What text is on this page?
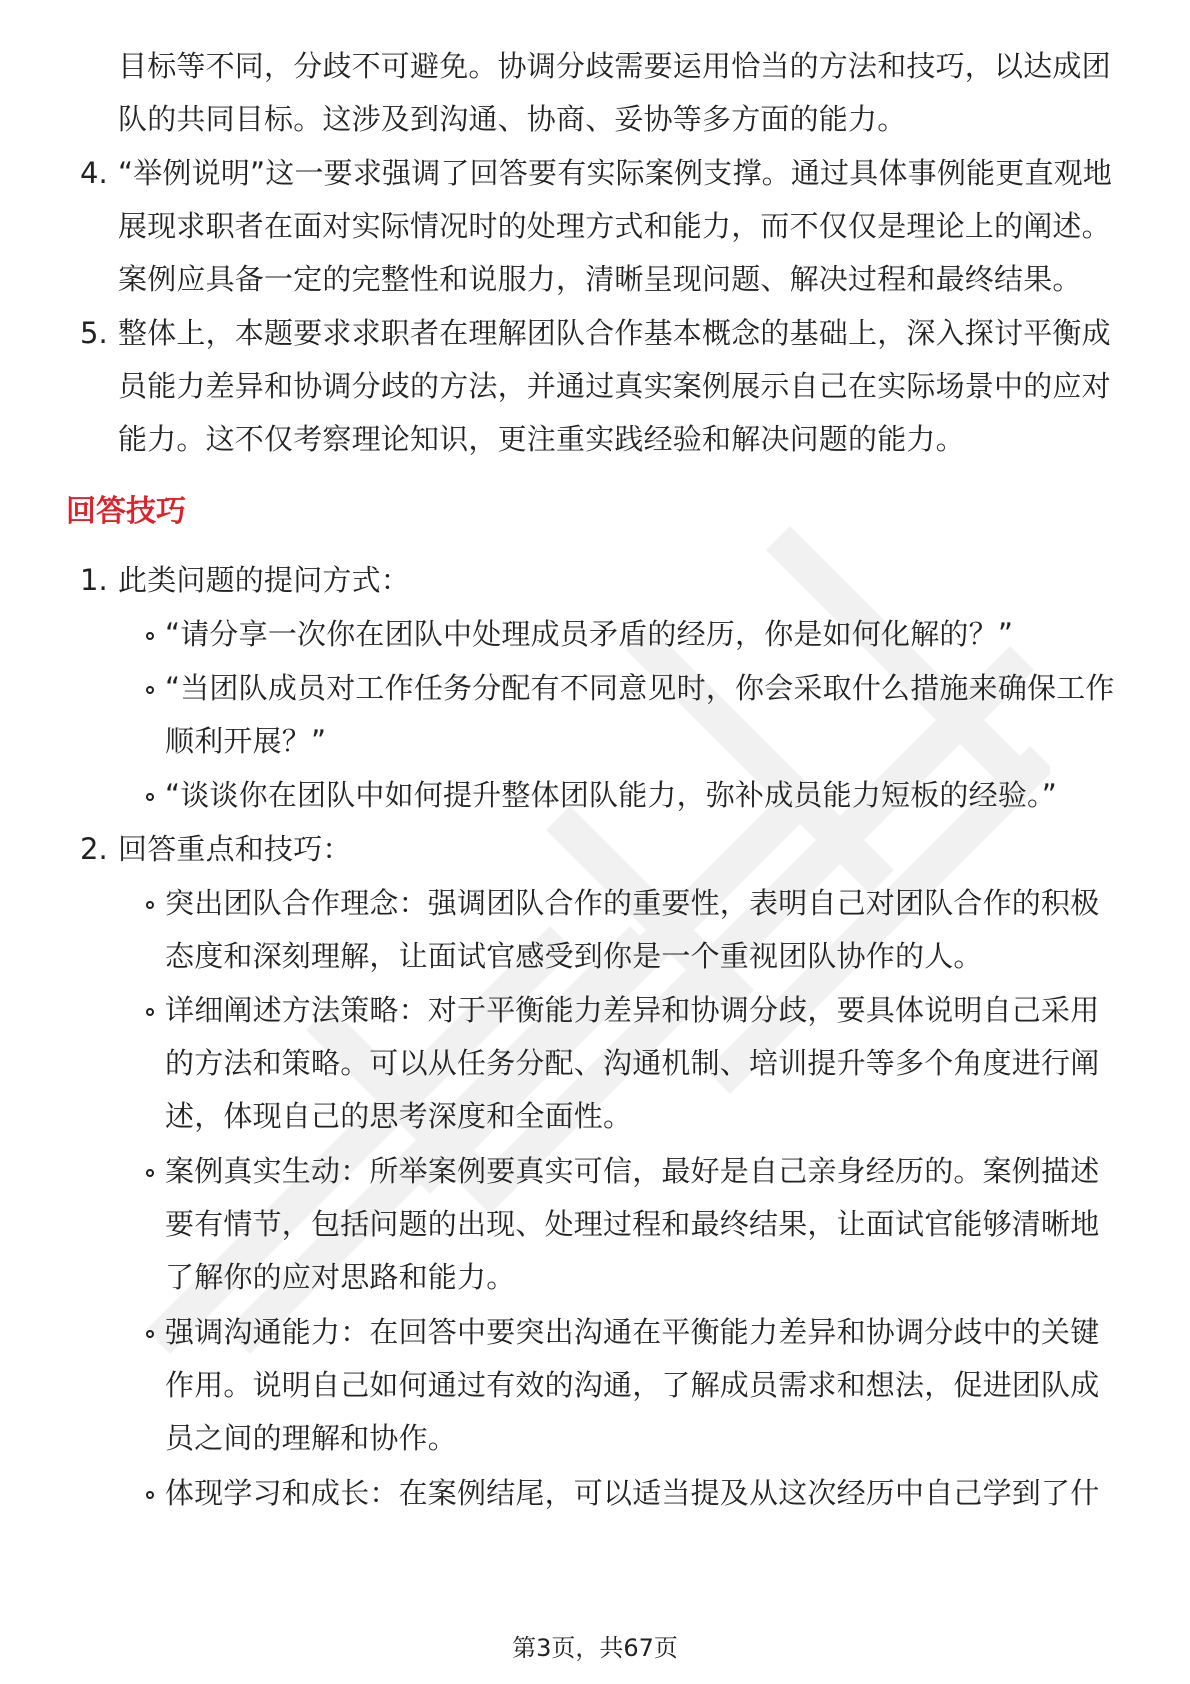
目标等不同，分歧不可避免。协调分歧需要运用恰当的方法和技巧，以达成团
队的共同目标。这涉及到沟通、协商、妥协等多方面的能力。
4. “举例说明”这一要求强调了回答要有实际案例支撑。通过具体事例能更直观地
展现求职者在面对实际情况时的处理方式和能力，而不仅仅是理论上的阐述。
案例应具备一定的完整性和说服力，清晰呈现问题、解决过程和最终结果。
5. 整体上，本题要求求职者在理解团队合作基本概念的基础上，深入探讨平衡成
员能力差异和协调分歧的方法，并通过真实案例展示自己在实际场景中的应对
能力。这不仅考察理论知识，更注重实践经验和解决问题的能力。
回答技巧
1. 此类问题的提问方式：
“请分享一次你在团队中处理成员矛盾的经历，你是如何化解的？”
“当团队成员对工作任务分配有不同意见时，你会采取什么措施来确保工作
顺利开展？”
“谈谈你在团队中如何提升整体团队能力，弥补成员能力短板的经验。”
2. 回答重点和技巧：
突出团队合作理念：强调团队合作的重要性，表明自己对团队合作的积极
态度和深刻理解，让面试官感受到你是一个重视团队协作的人。
详细阐述方法策略：对于平衡能力差异和协调分歧，要具体说明自己采用
的方法和策略。可以从任务分配、沟通机制、培训提升等多个角度进行阐
述，体现自己的思考深度和全面性。
案例真实生动：所举案例要真实可信，最好是自己亲身经历的。案例描述
要有情节，包括问题的出现、处理过程和最终结果，让面试官能够清晰地
了解你的应对思路和能力。
强调沟通能力：在回答中要突出沟通在平衡能力差异和协调分歧中的关键
作用。说明自己如何通过有效的沟通，了解成员需求和想法，促进团队成
员之间的理解和协作。
体现学习和成长：在案例结尾，可以适当提及从这次经历中自己学到了什
第3页，共67页
